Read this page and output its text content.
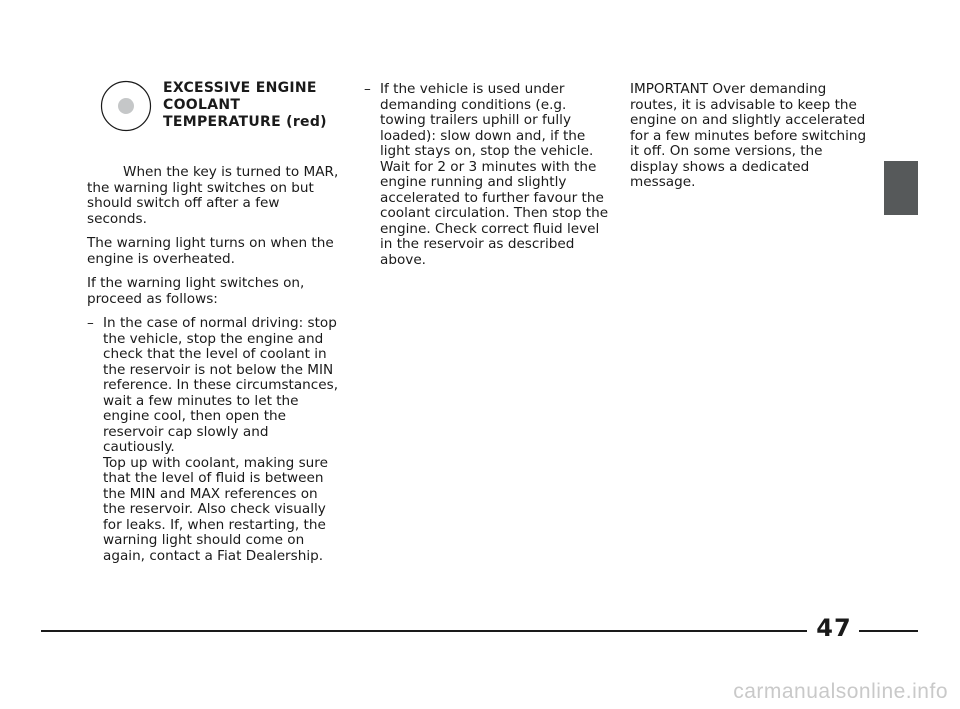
EXCESSIVE ENGINE COOLANT TEMPERATURE (red)

When the key is turned to MAR, the warning light switches on but should switch off after a few seconds.

The warning light turns on when the engine is overheated.

If the warning light switches on, proceed as follows:

– In the case of normal driving: stop the vehicle, stop the engine and check that the level of coolant in the reservoir is not below the MIN reference. In these circumstances, wait a few minutes to let the engine cool, then open the reservoir cap slowly and cautiously.
Top up with coolant, making sure that the level of fluid is between the MIN and MAX references on the reservoir. Also check visually for leaks. If, when restarting, the warning light should come on again, contact a Fiat Dealership.
– If the vehicle is used under demanding conditions (e.g. towing trailers uphill or fully loaded): slow down and, if the light stays on, stop the vehicle.
Wait for 2 or 3 minutes with the engine running and slightly accelerated to further favour the coolant circulation. Then stop the engine. Check correct fluid level in the reservoir as described above.

IMPORTANT Over demanding routes, it is advisable to keep the engine on and slightly accelerated for a few minutes before switching it off. On some versions, the display shows a dedicated message.

47
carmanualsonline.info
